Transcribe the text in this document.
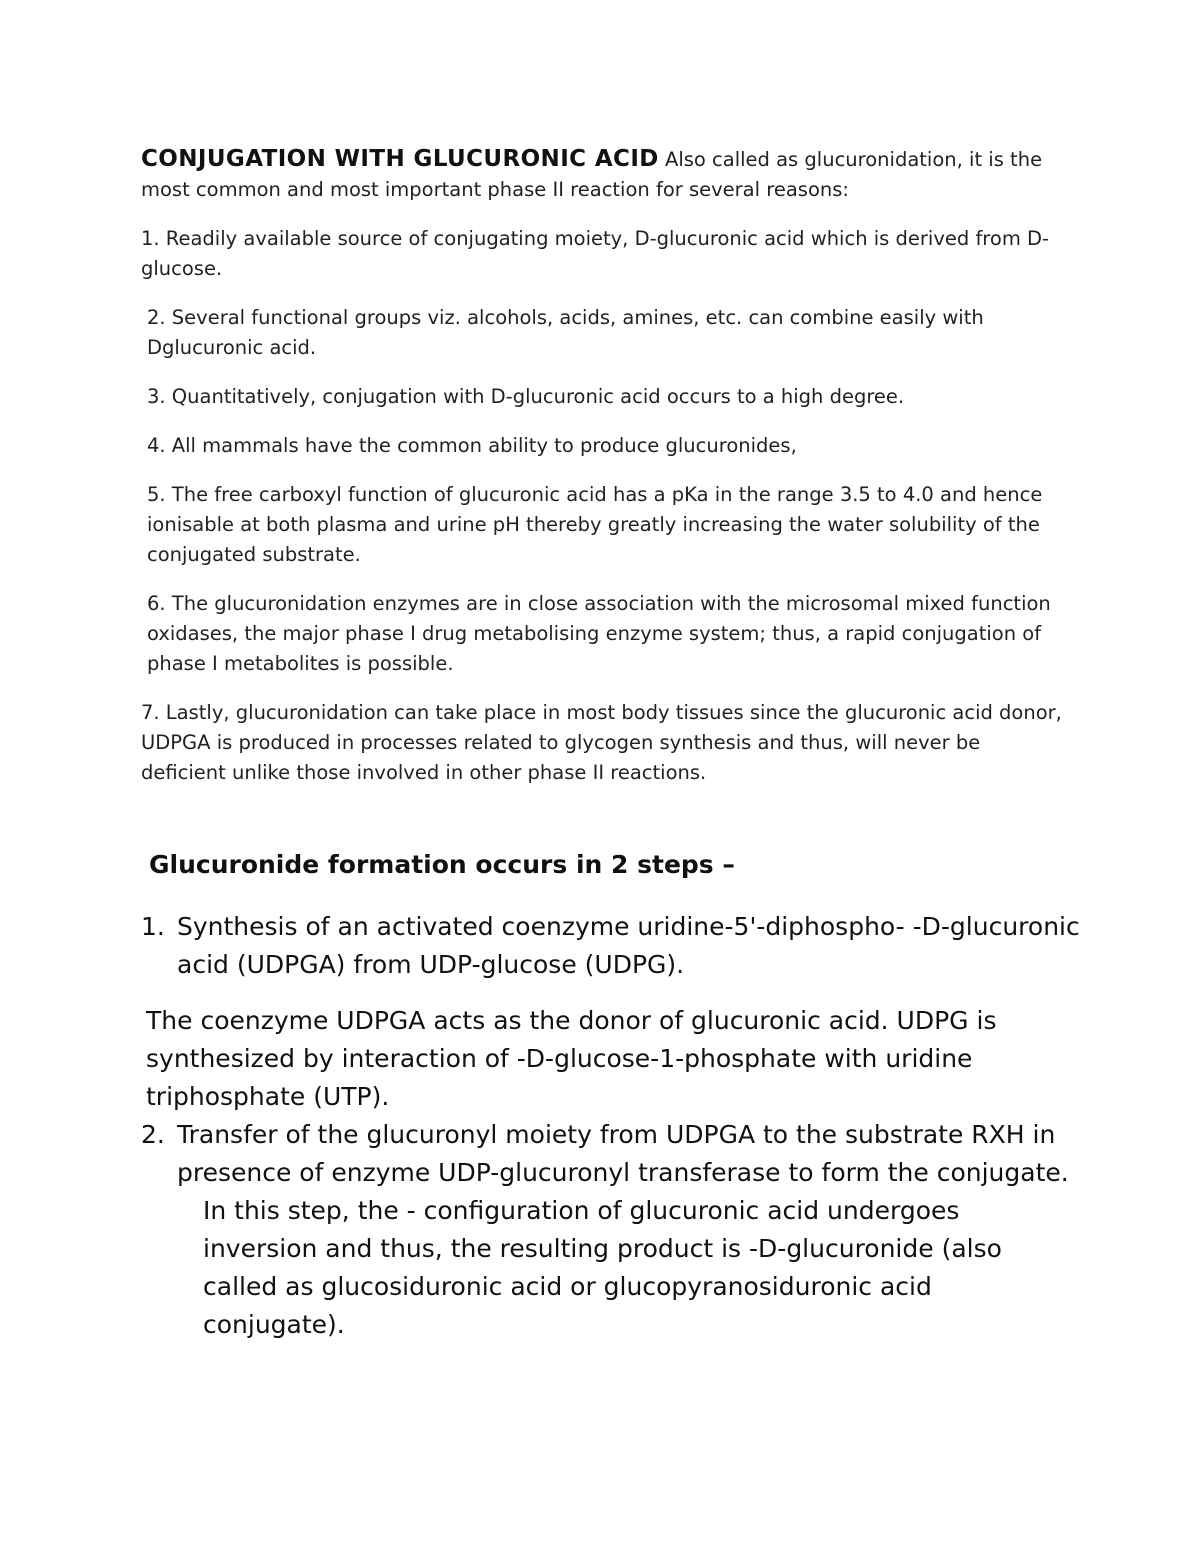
CONJUGATION WITH GLUCURONIC ACID Also called as glucuronidation, it is the most common and most important phase II reaction for several reasons:

1. Readily available source of conjugating moiety, D-glucuronic acid which is derived from D-glucose.

2. Several functional groups viz. alcohols, acids, amines, etc. can combine easily with Dglucuronic acid.

3. Quantitatively, conjugation with D-glucuronic acid occurs to a high degree.

4. All mammals have the common ability to produce glucuronides,

5. The free carboxyl function of glucuronic acid has a pKa in the range 3.5 to 4.0 and hence ionisable at both plasma and urine pH thereby greatly increasing the water solubility of the conjugated substrate.

6. The glucuronidation enzymes are in close association with the microsomal mixed function oxidases, the major phase I drug metabolising enzyme system; thus, a rapid conjugation of phase I metabolites is possible.

7. Lastly, glucuronidation can take place in most body tissues since the glucuronic acid donor, UDPGA is produced in processes related to glycogen synthesis and thus, will never be deficient unlike those involved in other phase II reactions.

Glucuronide formation occurs in 2 steps –

1. Synthesis of an activated coenzyme uridine-5'-diphospho- -D-glucuronic acid (UDPGA) from UDP-glucose (UDPG).

The coenzyme UDPGA acts as the donor of glucuronic acid. UDPG is synthesized by interaction of -D-glucose-1-phosphate with uridine triphosphate (UTP).

2. Transfer of the glucuronyl moiety from UDPGA to the substrate RXH in presence of enzyme UDP-glucuronyl transferase to form the conjugate.

In this step, the - configuration of glucuronic acid undergoes inversion and thus, the resulting product is -D-glucuronide (also called as glucosiduronic acid or glucopyranosiduronic acid conjugate).
